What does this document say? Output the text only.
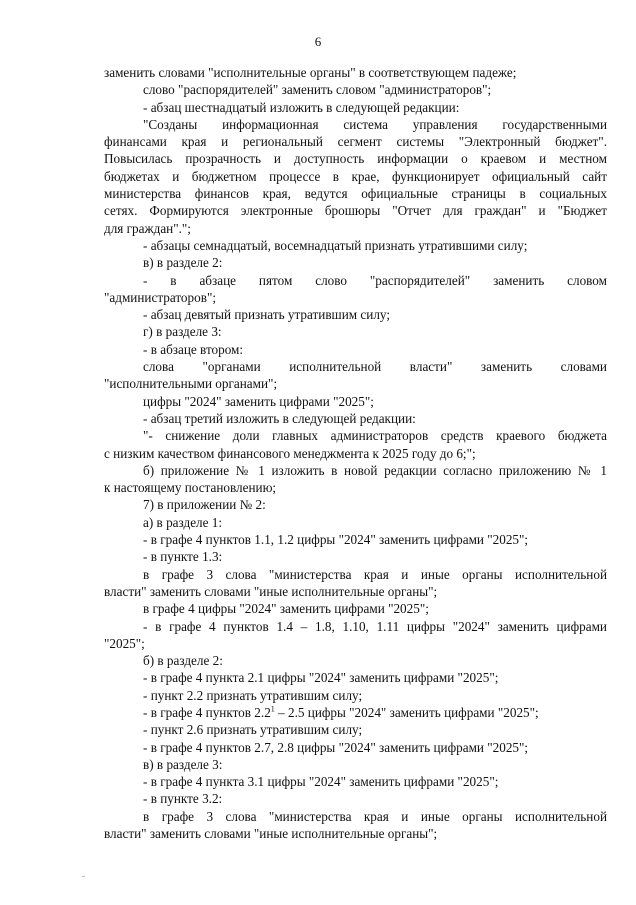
6
заменить словами "исполнительные органы" в соответствующем падеже;
слово "распорядителей" заменить словом "администраторов";
- абзац шестнадцатый изложить в следующей редакции:
"Созданы информационная система управления государственными
финансами края и региональный сегмент системы "Электронный бюджет".
Повысилась прозрачность и доступность информации о краевом и местном
бюджетах и бюджетном процессе в крае, функционирует официальный сайт
министерства финансов края, ведутся официальные страницы в социальных
сетях. Формируются электронные брошюры "Отчет для граждан" и "Бюджет
для граждан".";
- абзацы семнадцатый, восемнадцатый признать утратившими силу;
в) в разделе 2:
- в абзаце пятом слово "распорядителей" заменить словом
"администраторов";
- абзац девятый признать утратившим силу;
г) в разделе 3:
- в абзаце втором:
слова "органами исполнительной власти" заменить словами
"исполнительными органами";
цифры "2024" заменить цифрами "2025";
- абзац третий изложить в следующей редакции:
"- снижение доли главных администраторов средств краевого бюджета
с низким качеством финансового менеджмента к 2025 году до 6;";
б) приложение № 1 изложить в новой редакции согласно приложению № 1
к настоящему постановлению;
7) в приложении № 2:
а) в разделе 1:
- в графе 4 пунктов 1.1, 1.2 цифры "2024" заменить цифрами "2025";
- в пункте 1.3:
в графе 3 слова "министерства края и иные органы исполнительной
власти" заменить словами "иные исполнительные органы";
в графе 4 цифры "2024" заменить цифрами "2025";
- в графе 4 пунктов 1.4 – 1.8, 1.10, 1.11 цифры "2024" заменить цифрами
"2025";
б) в разделе 2:
- в графе 4 пункта 2.1 цифры "2024" заменить цифрами "2025";
- пункт 2.2 признать утратившим силу;
- в графе 4 пунктов $2.2^1 - 2.5$ цифры "2024" заменить цифрами "2025";
- пункт 2.6 признать утратившим силу;
- в графе 4 пунктов 2.7, 2.8 цифры "2024" заменить цифрами "2025";
в) в разделе 3:
- в графе 4 пункта 3.1 цифры "2024" заменить цифрами "2025";
- в пункте 3.2:
в графе 3 слова "министерства края и иные органы исполнительной
власти" заменить словами "иные исполнительные органы";
